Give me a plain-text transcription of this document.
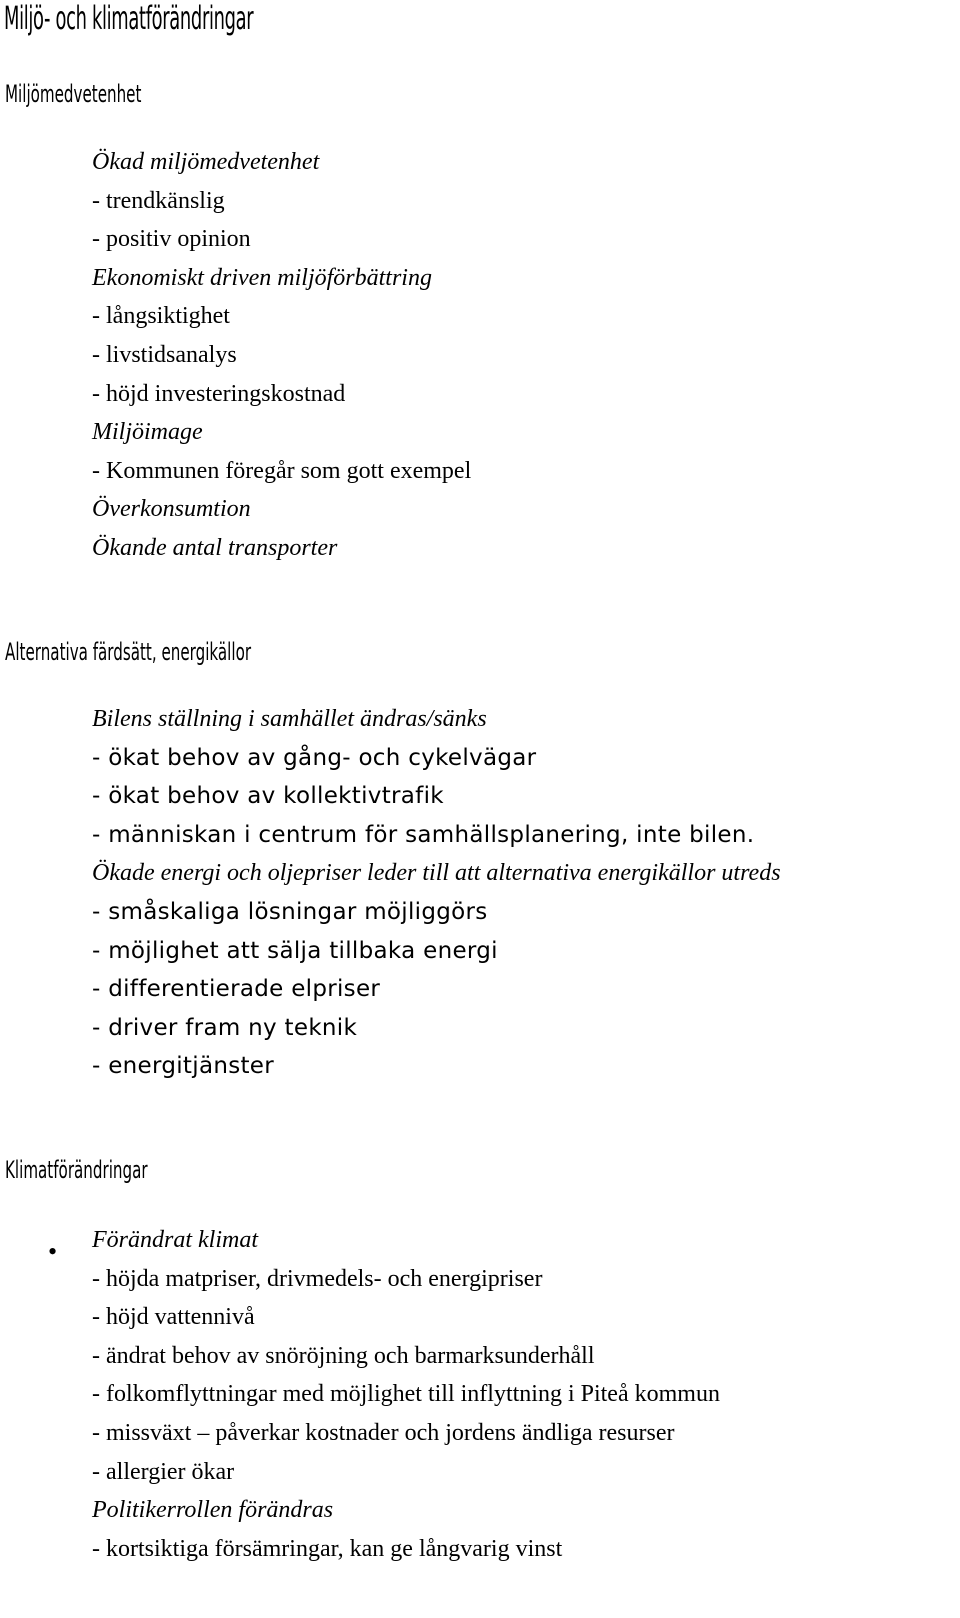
Miljö- och klimatförändringar
Miljömedvetenhet
Ökad miljömedvetenhet
- trendkänslig
- positiv opinion
Ekonomiskt driven miljöförbättring
- långsiktighet
- livstidsanalys
- höjd investeringskostnad
Miljöimage
- Kommunen föregår som gott exempel
Överkonsumtion
Ökande antal transporter
Alternativa färdsätt, energikällor
Bilens ställning i samhället ändras/sänks
- ökat behov av gång- och cykelvägar
- ökat behov av kollektivtrafik
- människan i centrum för samhällsplanering, inte bilen.
Ökade energi och oljepriser leder till att alternativa energikällor utreds
- småskaliga lösningar möjliggörs
- möjlighet att sälja tillbaka energi
- differentierade elpriser
- driver fram ny teknik
- energitjänster
Klimatförändringar
• Förändrat klimat
- höjda matpriser, drivmedels- och energipriser
- höjd vattennivå
- ändrat behov av snöröjning och barmarksunderhåll
- folkomflyttningar med möjlighet till inflyttning i Piteå kommun
- missväxt – påverkar kostnader och jordens ändliga resurser
- allergier ökar
Politikerrollen förändras
- kortsiktiga försämringar, kan ge långvarig vinst
